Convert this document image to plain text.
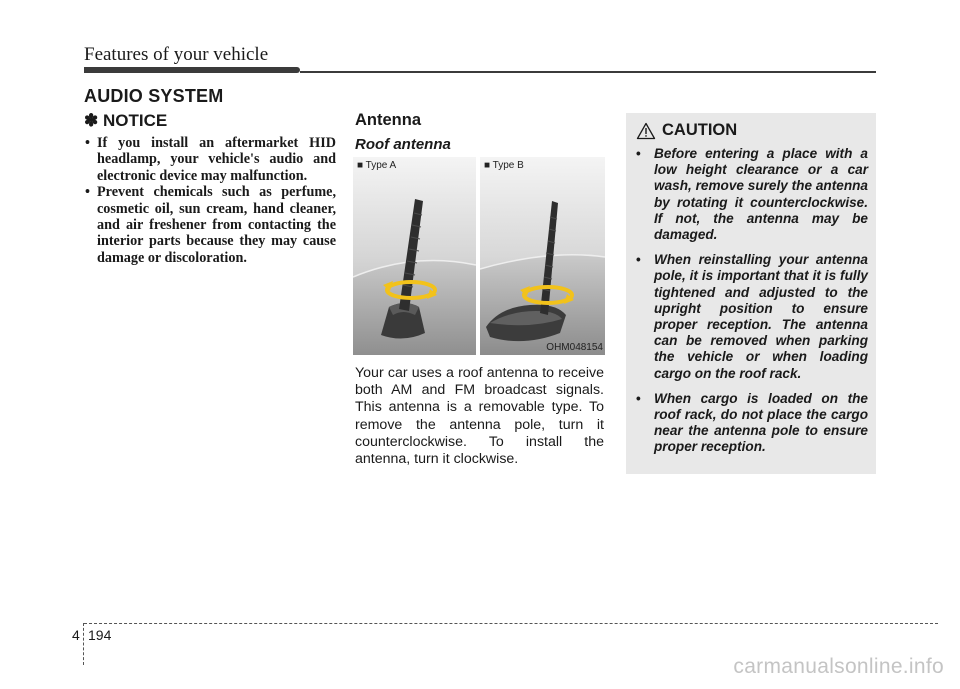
Features of your vehicle
AUDIO SYSTEM
✽ NOTICE
• If you install an aftermarket HID headlamp, your vehicle's audio and electronic device may malfunction.
• Prevent chemicals such as perfume, cosmetic oil, sun cream, hand cleaner, and air freshener from contacting the interior parts because they may cause damage or discoloration.
Antenna
Roof antenna
■ Type A	■ Type B
OHM048154

Your car uses a roof antenna to receive both AM and FM broadcast signals. This antenna is a removable type. To remove the antenna pole, turn it counterclockwise. To install the antenna, turn it clockwise.

CAUTION
• Before entering a place with a low height clearance or a car wash, remove surely the antenna by rotating it counterclockwise. If not, the antenna may be damaged.
• When reinstalling your antenna pole, it is important that it is fully tightened and adjusted to the upright position to ensure proper reception. The antenna can be removed when parking the vehicle or when loading cargo on the roof rack.
• When cargo is loaded on the roof rack, do not place the cargo near the antenna pole to ensure proper reception.
4 194
carmanualsonline.info
